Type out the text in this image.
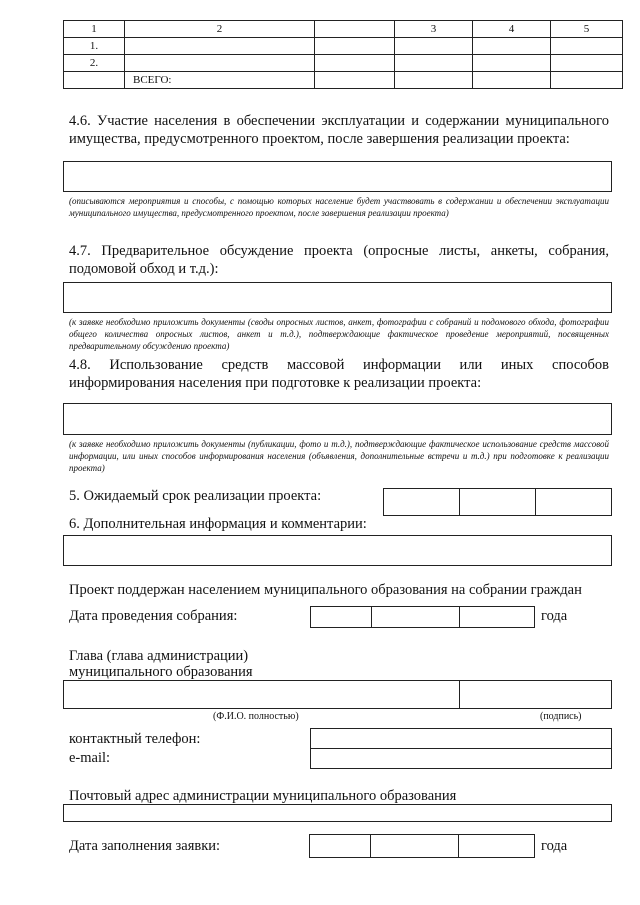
1	2		3	4	5
1.					
2.					
	ВСЕГО:				
4.6. Участие населения в обеспечении эксплуатации и содержании муниципального имущества, предусмотренного проектом, после завершения реализации проекта:
(описываются мероприятия и способы, с помощью которых население будет участвовать в содержании и обеспечении эксплуатации муниципального имущества, предусмотренного проектом, после завершения реализации проекта)
4.7. Предварительное обсуждение проекта (опросные листы, анкеты, собрания, подомовой обход и т.д.):
(к заявке необходимо приложить документы (своды опросных листов, анкет, фотографии с собраний и подомового обхода, фотографии общего количества опросных листов, анкет и т.д.), подтверждающие фактическое проведение мероприятий, посвященных предварительному обсуждению проекта)
4.8. Использование средств массовой информации или иных способов информирования населения при подготовке к реализации проекта:
(к заявке необходимо приложить документы (публикации, фото и т.д.), подтверждающие фактическое использование средств массовой информации, или иных способов информирования населения (объявления, дополнительные встречи и т.д.) при подготовке к реализации проекта)
5. Ожидаемый срок реализации проекта:
6. Дополнительная информация и комментарии:
Проект поддержан населением муниципального образования на собрании граждан
Дата проведения собрания:	года
Глава (глава администрации)
муниципального образования
(Ф.И.О. полностью)	(подпись)
контактный телефон:
e-mail:
Почтовый адрес администрации муниципального образования
Дата заполнения заявки:	года
